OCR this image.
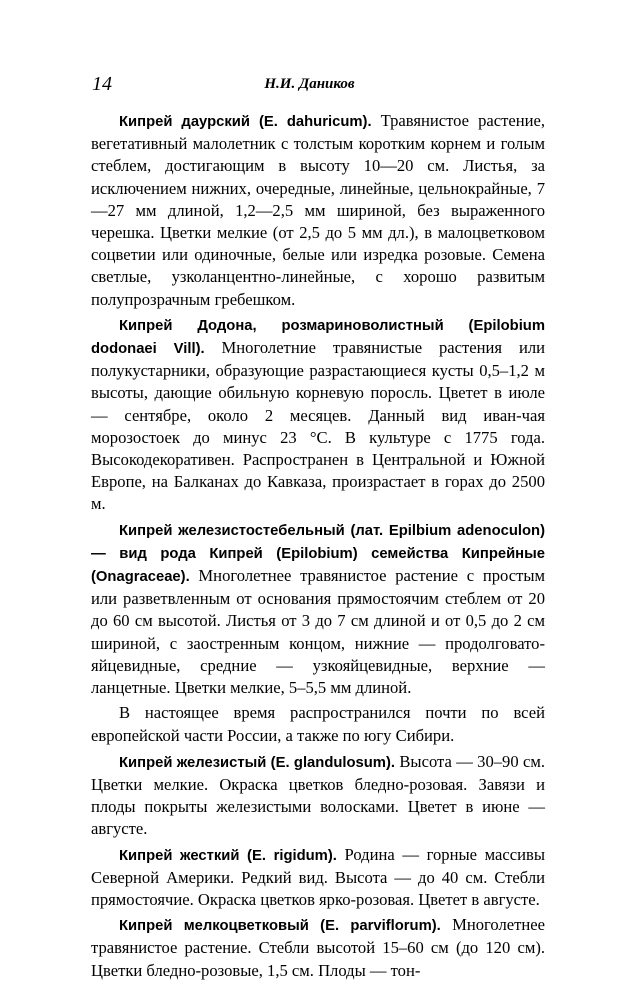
14	Н.И. Даников

Кипрей даурский (E. dahuricum). Травянистое растение, вегетативный малолетник с толстым коротким корнем и голым стеблем, достигающим в высоту 10—20 см. Листья, за исключением нижних, очередные, линейные, цельнокрайные, 7—27 мм длиной, 1,2—2,5 мм шириной, без выраженного черешка. Цветки мелкие (от 2,5 до 5 мм дл.), в малоцветковом соцветии или одиночные, белые или изредка розовые. Семена светлые, узколанцентно-линейные, с хорошо развитым полупрозрачным гребешком.

Кипрей Додона, розмариноволистный (Epilobium dodonaei Vill). Многолетние травянистые растения или полукустарники, образующие разрастающиеся кусты 0,5–1,2 м высоты, дающие обильную корневую поросль. Цветет в июле — сентябре, около 2 месяцев. Данный вид иван-чая морозостоек до минус 23 °С. В культуре с 1775 года. Высокодекоративен. Распространен в Центральной и Южной Европе, на Балканах до Кавказа, произрастает в горах до 2500 м.

Кипрей железистостебельный (лат. Epilbium adenoculon) — вид рода Кипрей (Epilobium) семейства Кипрейные (Onagraceae). Многолетнее травянистое растение с простым или разветвленным от основания прямостоячим стеблем от 20 до 60 см высотой. Листья от 3 до 7 см длиной и от 0,5 до 2 см шириной, с заостренным концом, нижние — продолговато-яйцевидные, средние — узкояйцевидные, верхние — ланцетные. Цветки мелкие, 5–5,5 мм длиной.

В настоящее время распространился почти по всей европейской части России, а также по югу Сибири.

Кипрей железистый (E. glandulosum). Высота — 30–90 см. Цветки мелкие. Окраска цветков бледно-розовая. Завязи и плоды покрыты железистыми волосками. Цветет в июне — августе.

Кипрей жесткий (E. rigidum). Родина — горные массивы Северной Америки. Редкий вид. Высота — до 40 см. Стебли прямостоячие. Окраска цветков ярко-розовая. Цветет в августе.

Кипрей мелкоцветковый (E. parviflorum). Многолетнее травянистое растение. Стебли высотой 15–60 см (до 120 см). Цветки бледно-розовые, 1,5 см. Плоды — тон-
